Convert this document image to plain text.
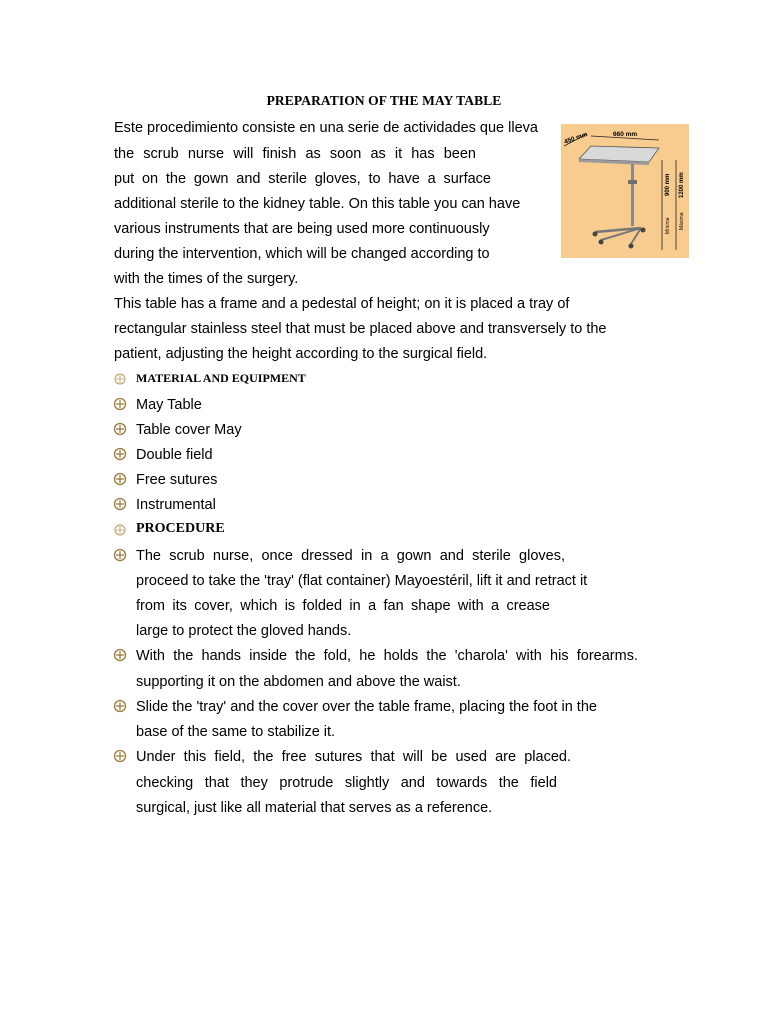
PREPARATION OF THE MAY TABLE
Este procedimiento consiste en una serie de actividades que lleva
the scrub nurse will finish as soon as it has been
put on the gown and sterile gloves, to have a surface
additional sterile to the kidney table. On this table you can have
various instruments that are being used more continuously
during the intervention, which will be changed according to
with the times of the surgery.
450 mm	660 mm
900 mm
Mínima
1200 mm
Máxima
This table has a frame and a pedestal of height; on it is placed a tray of
rectangular stainless steel that must be placed above and transversely to the
patient, adjusting the height according to the surgical field.
MATERIAL AND EQUIPMENT
May Table
Table cover May
Double field
Free sutures
Instrumental
PROCEDURE
The scrub nurse, once dressed in a gown and sterile gloves,
proceed to take the 'tray' (flat container) Mayoestéril, lift it and retract it
from its cover, which is folded in a fan shape with a crease
large to protect the gloved hands.
With the hands inside the fold, he holds the 'charola' with his forearms.
supporting it on the abdomen and above the waist.
Slide the 'tray' and the cover over the table frame, placing the foot in the
base of the same to stabilize it.
Under this field, the free sutures that will be used are placed.
checking that they protrude slightly and towards the field
surgical, just like all material that serves as a reference.
